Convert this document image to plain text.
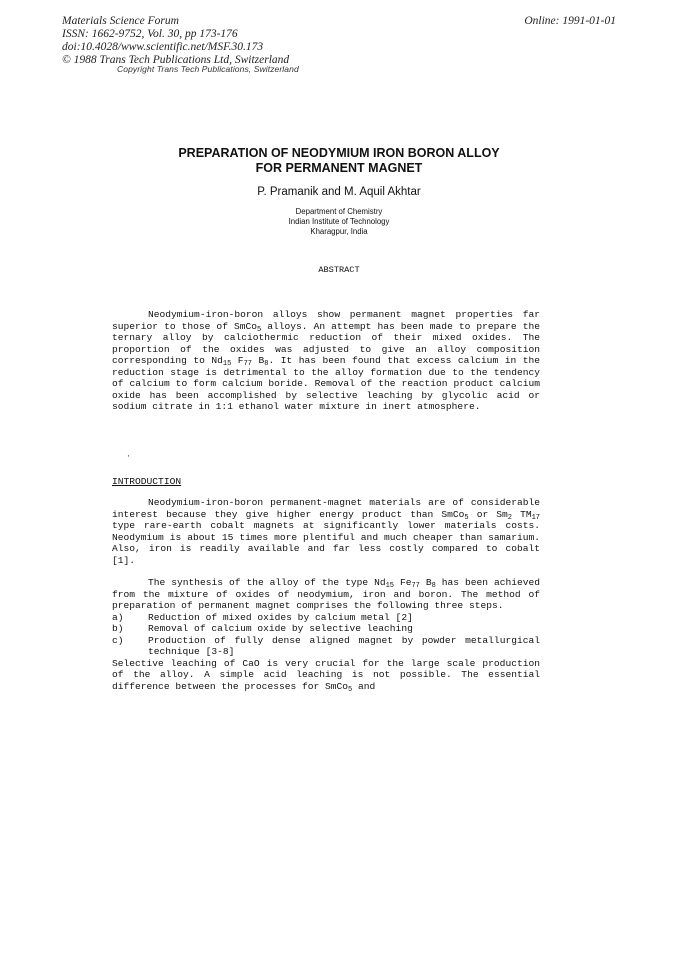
Materials Science Forum
ISSN: 1662-9752, Vol. 30, pp 173-176
doi:10.4028/www.scientific.net/MSF.30.173
© 1988 Trans Tech Publications Ltd, Switzerland
Online: 1991-01-01
Copyright Trans Tech Publications, Switzerland
PREPARATION OF NEODYMIUM IRON BORON ALLOY
FOR PERMANENT MAGNET
P. Pramanik and M. Aquil Akhtar
Department of Chemistry
Indian Institute of Technology
Kharagpur, India
ABSTRACT

Neodymium-iron-boron alloys show permanent magnet properties far superior to those of SmCo$_5$ alloys. An attempt has been made to prepare the ternary alloy by calciothermic reduction of their mixed oxides. The proportion of the oxides was adjusted to give an alloy composition corresponding to $Nd_{15}$ $F_{77}$ $B_8$. It has been found that excess calcium in the reduction stage is detrimental to the alloy formation due to the tendency of calcium to form calcium boride. Removal of the reaction product calcium oxide has been accomplished by selective leaching by glycolic acid or sodium citrate in 1:1 ethanol water mixture in inert atmosphere.

·
INTRODUCTION

Neodymium-iron-boron permanent-magnet materials are of considerable interest because they give higher energy product than SmCo$_5$ or $Sm_2$ $TM_{17}$ type rare-earth cobalt magnets at significantly lower materials costs. Neodymium is about 15 times more plentiful and much cheaper than samarium. Also, iron is readily available and far less costly compared to cobalt [1].

The synthesis of the alloy of the type $Nd_{15}$ $Fe_{77}$ $B_8$ has been achieved from the mixture of oxides of neodymium, iron and boron. The method of preparation of permanent magnet comprises the following three steps.

a)	Reduction of mixed oxides by calcium metal [2]
b)	Removal of calcium oxide by selective leaching
c)	Production of fully dense aligned magnet by powder metallurgical technique [3-8]

Selective leaching of CaO is very crucial for the large scale production of the alloy. A simple acid leaching is not possible. The essential difference between the processes for SmCo$_5$ and
